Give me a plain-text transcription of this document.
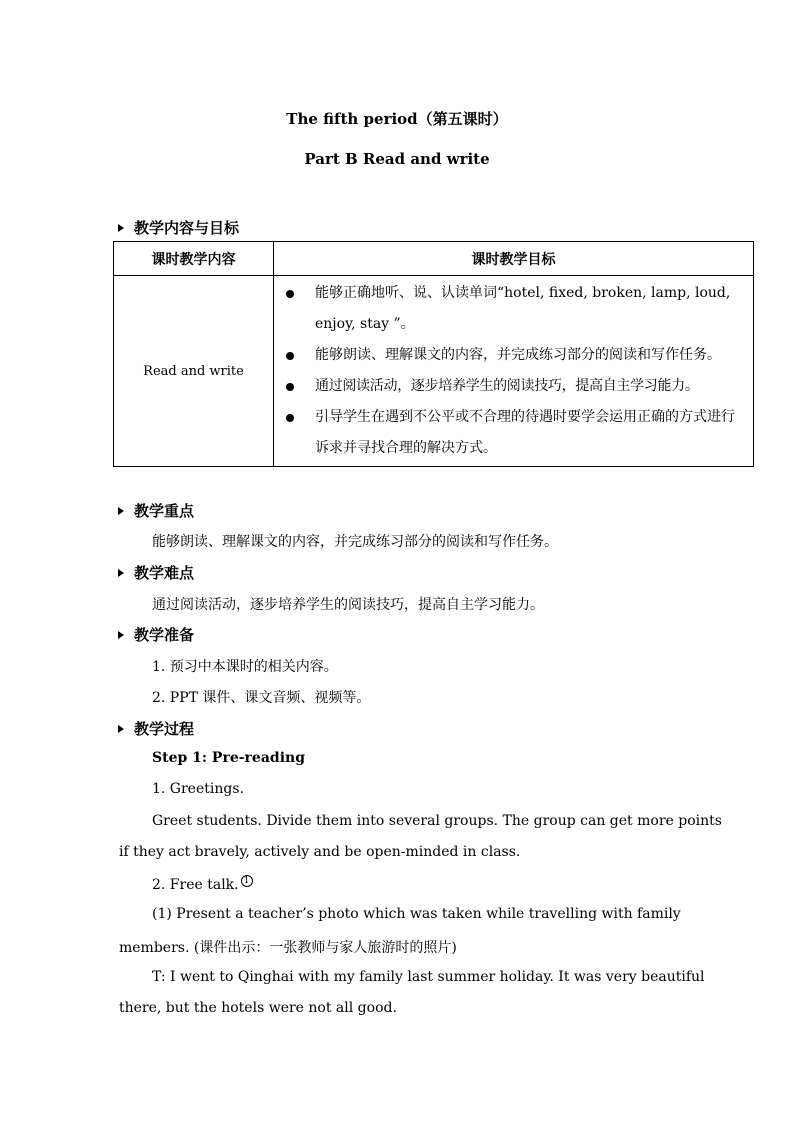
The fifth period（第五课时）
Part B Read and write
教学内容与目标
课时教学内容	课时教学目标
Read and write	能够正确地听、说、认读单词“hotel, fixed, broken, lamp, loud, enjoy, stay ”。
能够朗读、理解课文的内容，并完成练习部分的阅读和写作任务。
通过阅读活动，逐步培养学生的阅读技巧，提高自主学习能力。
引导学生在遇到不公平或不合理的待遇时要学会运用正确的方式进行诉求并寻找合理的解决方式。
教学重点
能够朗读、理解课文的内容，并完成练习部分的阅读和写作任务。
教学难点
通过阅读活动，逐步培养学生的阅读技巧，提高自主学习能力。
教学准备
1. 预习中本课时的相关内容。
2. PPT 课件、课文音频、视频等。
教学过程
Step 1: Pre-reading
1. Greetings.
Greet students. Divide them into several groups. The group can get more points
if they act bravely, actively and be open-minded in class.
2. Free talk. $^1$
(1) Present a teacher’s photo which was taken while travelling with family
members. (课件出示：一张教师与家人旅游时的照片)
T: I went to Qinghai with my family last summer holiday. It was very beautiful
there, but the hotels were not all good.
